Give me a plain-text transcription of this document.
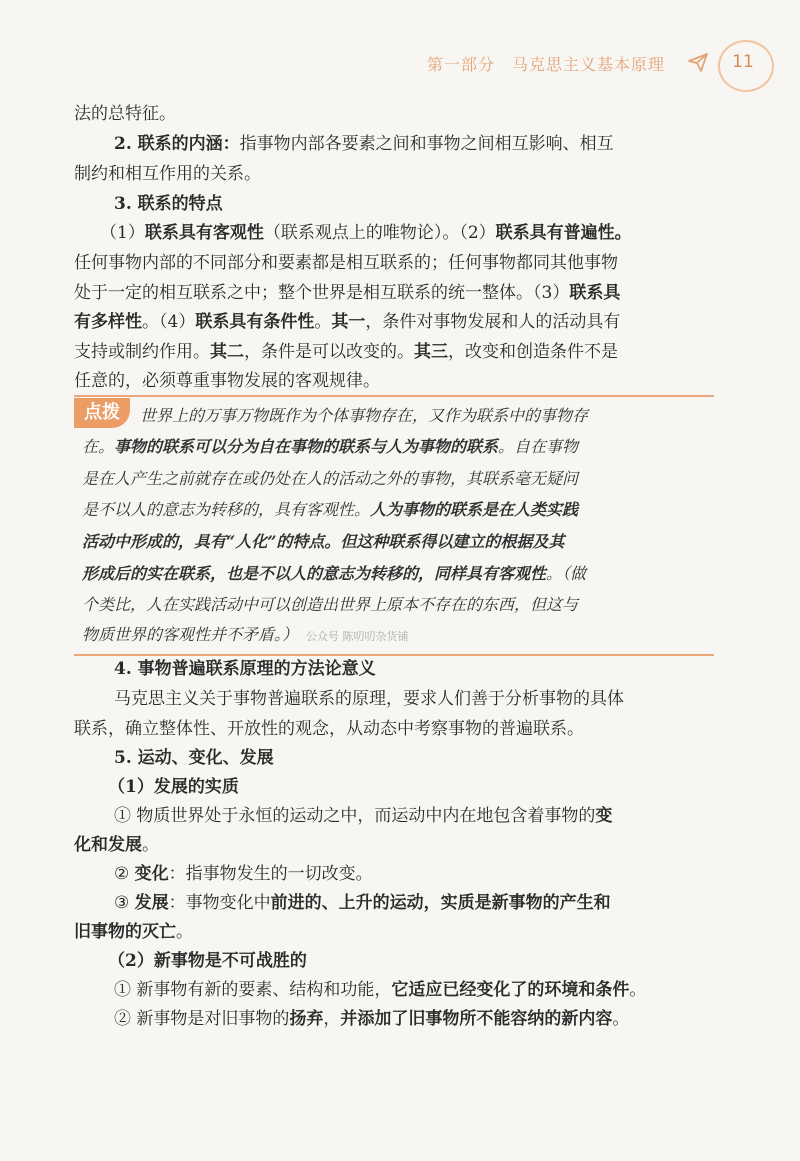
第一部分　马克思主义基本原理	11
法的总特征。
2. 联系的内涵：指事物内部各要素之间和事物之间相互影响、相互
制约和相互作用的关系。
3. 联系的特点
（1）联系具有客观性（联系观点上的唯物论）。（2）联系具有普遍性。
任何事物内部的不同部分和要素都是相互联系的；任何事物都同其他事物
处于一定的相互联系之中；整个世界是相互联系的统一整体。（3）联系具
有多样性。（4）联系具有条件性。其一，条件对事物发展和人的活动具有
支持或制约作用。其二，条件是可以改变的。其三，改变和创造条件不是
任意的，必须尊重事物发展的客观规律。
点拨	世界上的万事万物既作为个体事物存在，又作为联系中的事物存
在。事物的联系可以分为自在事物的联系与人为事物的联系。自在事物
是在人产生之前就存在或仍处在人的活动之外的事物，其联系毫无疑问
是不以人的意志为转移的，具有客观性。人为事物的联系是在人类实践
活动中形成的，具有“人化”的特点。但这种联系得以建立的根据及其
形成后的实在联系，也是不以人的意志为转移的，同样具有客观性。（做
个类比，人在实践活动中可以创造出世界上原本不存在的东西，但这与
物质世界的客观性并不矛盾。）　 公众号 陈叨叨杂货铺
4. 事物普遍联系原理的方法论意义
马克思主义关于事物普遍联系的原理，要求人们善于分析事物的具体
联系，确立整体性、开放性的观念，从动态中考察事物的普遍联系。
5. 运动、变化、发展
（1）发展的实质
① 物质世界处于永恒的运动之中，而运动中内在地包含着事物的变
化和发展。
② 变化：指事物发生的一切改变。
③ 发展：事物变化中前进的、上升的运动，实质是新事物的产生和
旧事物的灭亡。
（2）新事物是不可战胜的
① 新事物有新的要素、结构和功能，它适应已经变化了的环境和条件。
② 新事物是对旧事物的扬弃，并添加了旧事物所不能容纳的新内容。
